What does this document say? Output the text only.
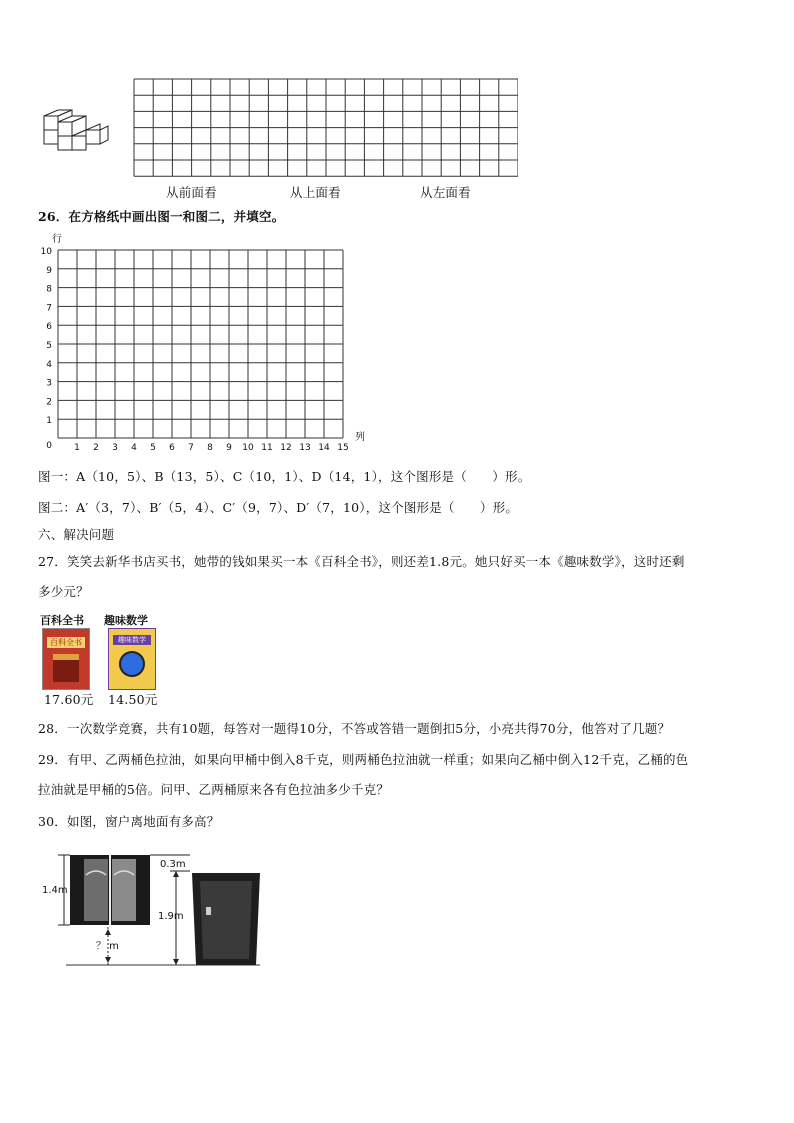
从前面看	从上面看	从左面看
26．在方格纸中画出图一和图二，并填空。
0
1
2
3
4
5
6
7
8
9
10
1 2 3 4 5 6 7 8 9 10 11 12 13 14 15
行
列
图一：A（10，5）、B（13，5）、C（10，1）、D（14，1），这个图形是（　　）形。
图二：A′（3，7）、B′（5，4）、C′（9，7）、D′（7，10），这个图形是（　　）形。
六、解决问题
27．笑笑去新华书店买书，她带的钱如果买一本《百科全书》，则还差1.8元。她只好买一本《趣味数学》，这时还剩
多少元？
百科全书
百科全书
17.60元
趣味数学
趣味数学
14.50元
28．一次数学竞赛，共有10题，每答对一题得10分，不答或答错一题倒扣5分，小亮共得70分，他答对了几题？
29．有甲、乙两桶色拉油，如果向甲桶中倒入8千克，则两桶色拉油就一样重；如果向乙桶中倒入12千克，乙桶的色
拉油就是甲桶的5倍。问甲、乙两桶原来各有色拉油多少千克？
30．如图，窗户离地面有多高？
1.4m
？ m
0.3m
1.9m
